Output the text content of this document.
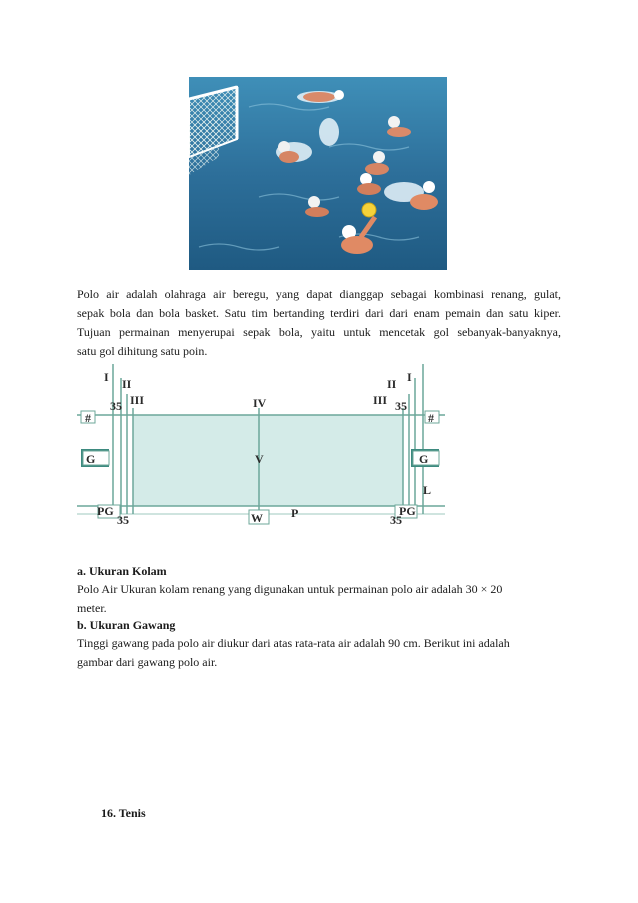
Polo air adalah olahraga air beregu, yang dapat dianggap sebagai kombinasi renang, gulat,
sepak bola dan bola basket. Satu tim bertanding terdiri dari dari enam pemain dan satu kiper.
Tujuan permainan menyerupai sepak bola, yaitu untuk mencetak gol sebanyak-banyaknya,
satu gol dihitung satu poin.

I II
III
35	IV	III
II I
35
#	#
V
G	G
L
PG	PG
35	35
W P

a. Ukuran Kolam

Polo Air Ukuran kolam renang yang digunakan untuk permainan polo air adalah 30 × 20
meter.

b. Ukuran Gawang

Tinggi gawang pada polo air diukur dari atas rata-rata air adalah 90 cm. Berikut ini adalah
gambar dari gawang polo air.

16. Tenis
